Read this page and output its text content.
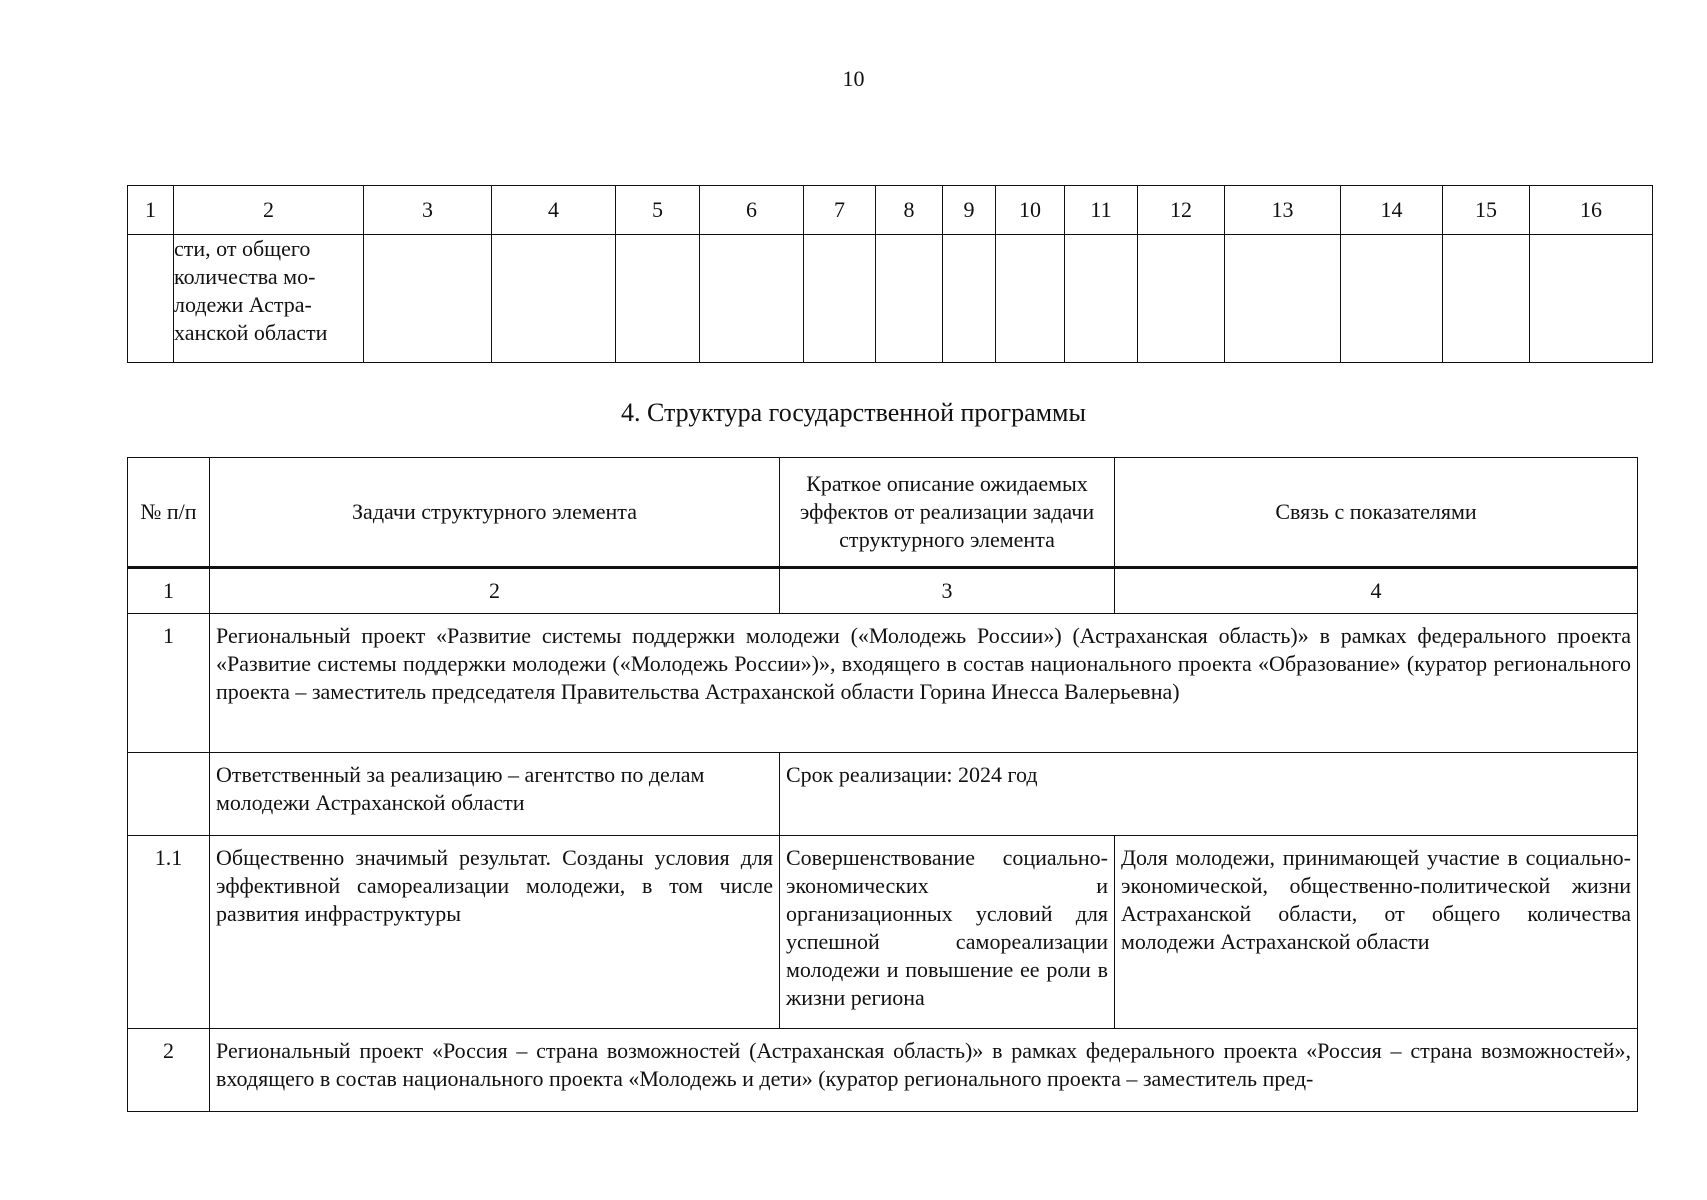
10
1	2	3	4	5	6	7	8	9	10	11	12	13	14	15	16

	сти, от общего
количества мо-
лодежи Астра-
ханской области														

4. Структура государственной программы
№ п/п	Задачи структурного элемента	Краткое описание ожидаемых эффектов от реализации задачи структурного элемента	Связь с показателями
1	2	3	4
1	Региональный проект «Развитие системы поддержки молодежи («Молодежь России») (Астраханская область)» в рамках федерального проекта «Развитие системы поддержки молодежи («Молодежь России»)», входящего в состав национального проекта «Образование» (куратор регионального проекта – заместитель председателя Правительства Астраханской области Горина Инесса Валерьевна)		
	Ответственный за реализацию – агентство по делам молодежи Астраханской области	Срок реализации: 2024 год	
1.1	Общественно значимый результат. Созданы условия для эффективной самореализации молодежи, в том числе развития инфраструктуры	Совершенствование социально-экономических и организационных условий для успешной самореализации молодежи и повышение ее роли в жизни региона	Доля молодежи, принимающей участие в социально-экономической, общественно-политической жизни Астраханской области, от общего количества молодежи Астраханской области
2	Региональный проект «Россия – страна возможностей (Астраханская область)» в рамках федерального проекта «Россия – страна возможностей», входящего в состав национального проекта «Молодежь и дети» (куратор регионального проекта – заместитель пред-		
